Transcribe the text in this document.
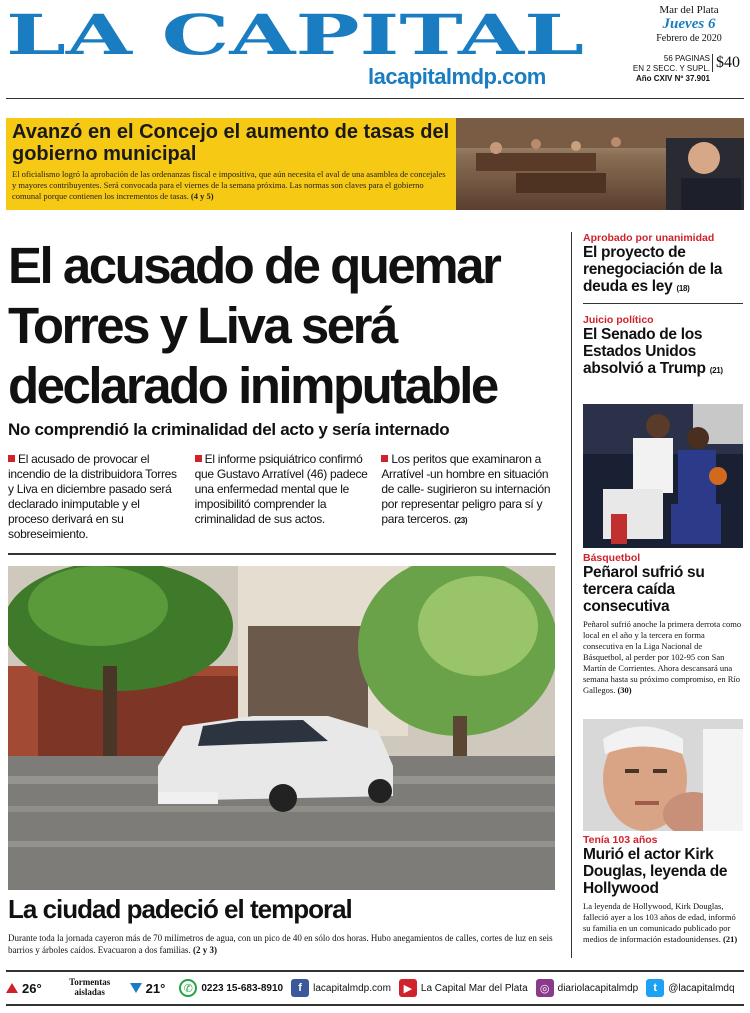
LA CAPITAL
lacapitalmdp.com
Mar del Plata
Jueves 6
Febrero de 2020
56 PAGINAS
EN 2 SECC. Y SUPL.
Año CXIV Nº 37.901
$40
Avanzó en el Concejo el aumento de tasas del gobierno municipal
El oficialismo logró la aprobación de las ordenanzas fiscal e impositiva, que aún necesita el aval de una asamblea de concejales y mayores contribuyentes. Será convocada para el viernes de la semana próxima. Las normas son claves para el gobierno comunal porque contienen los incrementos de tasas. (4 y 5)
El acusado de quemar Torres y Liva será declarado inimputable
No comprendió la criminalidad del acto y sería internado
El acusado de provocar el incendio de la distribuidora Torres y Liva en diciembre pasado será declarado inimputable y el proceso derivará en su sobreseimiento.
El informe psiquiátrico confirmó que Gustavo Arratível (46) padece una enfermedad mental que le imposibilitó comprender la criminalidad de sus actos.
Los peritos que examinaron a Arratível -un hombre en situación de calle- sugirieron su internación por representar peligro para sí y para terceros. (23)
La ciudad padeció el temporal
Durante toda la jornada cayeron más de 70 milímetros de agua, con un pico de 40 en sólo dos horas. Hubo anegamientos de calles, cortes de luz en seis barrios y árboles caídos. Evacuaron a dos familias. (2 y 3)
Aprobado por unanimidad
El proyecto de renegociación de la deuda es ley (18)
Juicio político
El Senado de los Estados Unidos absolvió a Trump (21)
Básquetbol
Peñarol sufrió su tercera caída consecutiva
Peñarol sufrió anoche la primera derrota como local en el año y la tercera en forma consecutiva en la Liga Nacional de Básquetbol, al perder por 102-95 con San Martín de Corrientes. Ahora descansará una semana hasta su próximo compromiso, en Río Gallegos. (30)
Tenía 103 años
Murió el actor Kirk Douglas, leyenda de Hollywood
La leyenda de Hollywood, Kirk Douglas, falleció ayer a los 103 años de edad, informó su familia en un comunicado publicado por medios de información estadounidenses. (21)
26°	Tormentas aisladas	21°	✆ 0223 15-683-8910	f	lacapitalmdp.com	▶ La Capital Mar del Plata	◎ diariolacapitalmdp	t	@lacapitalmdq
